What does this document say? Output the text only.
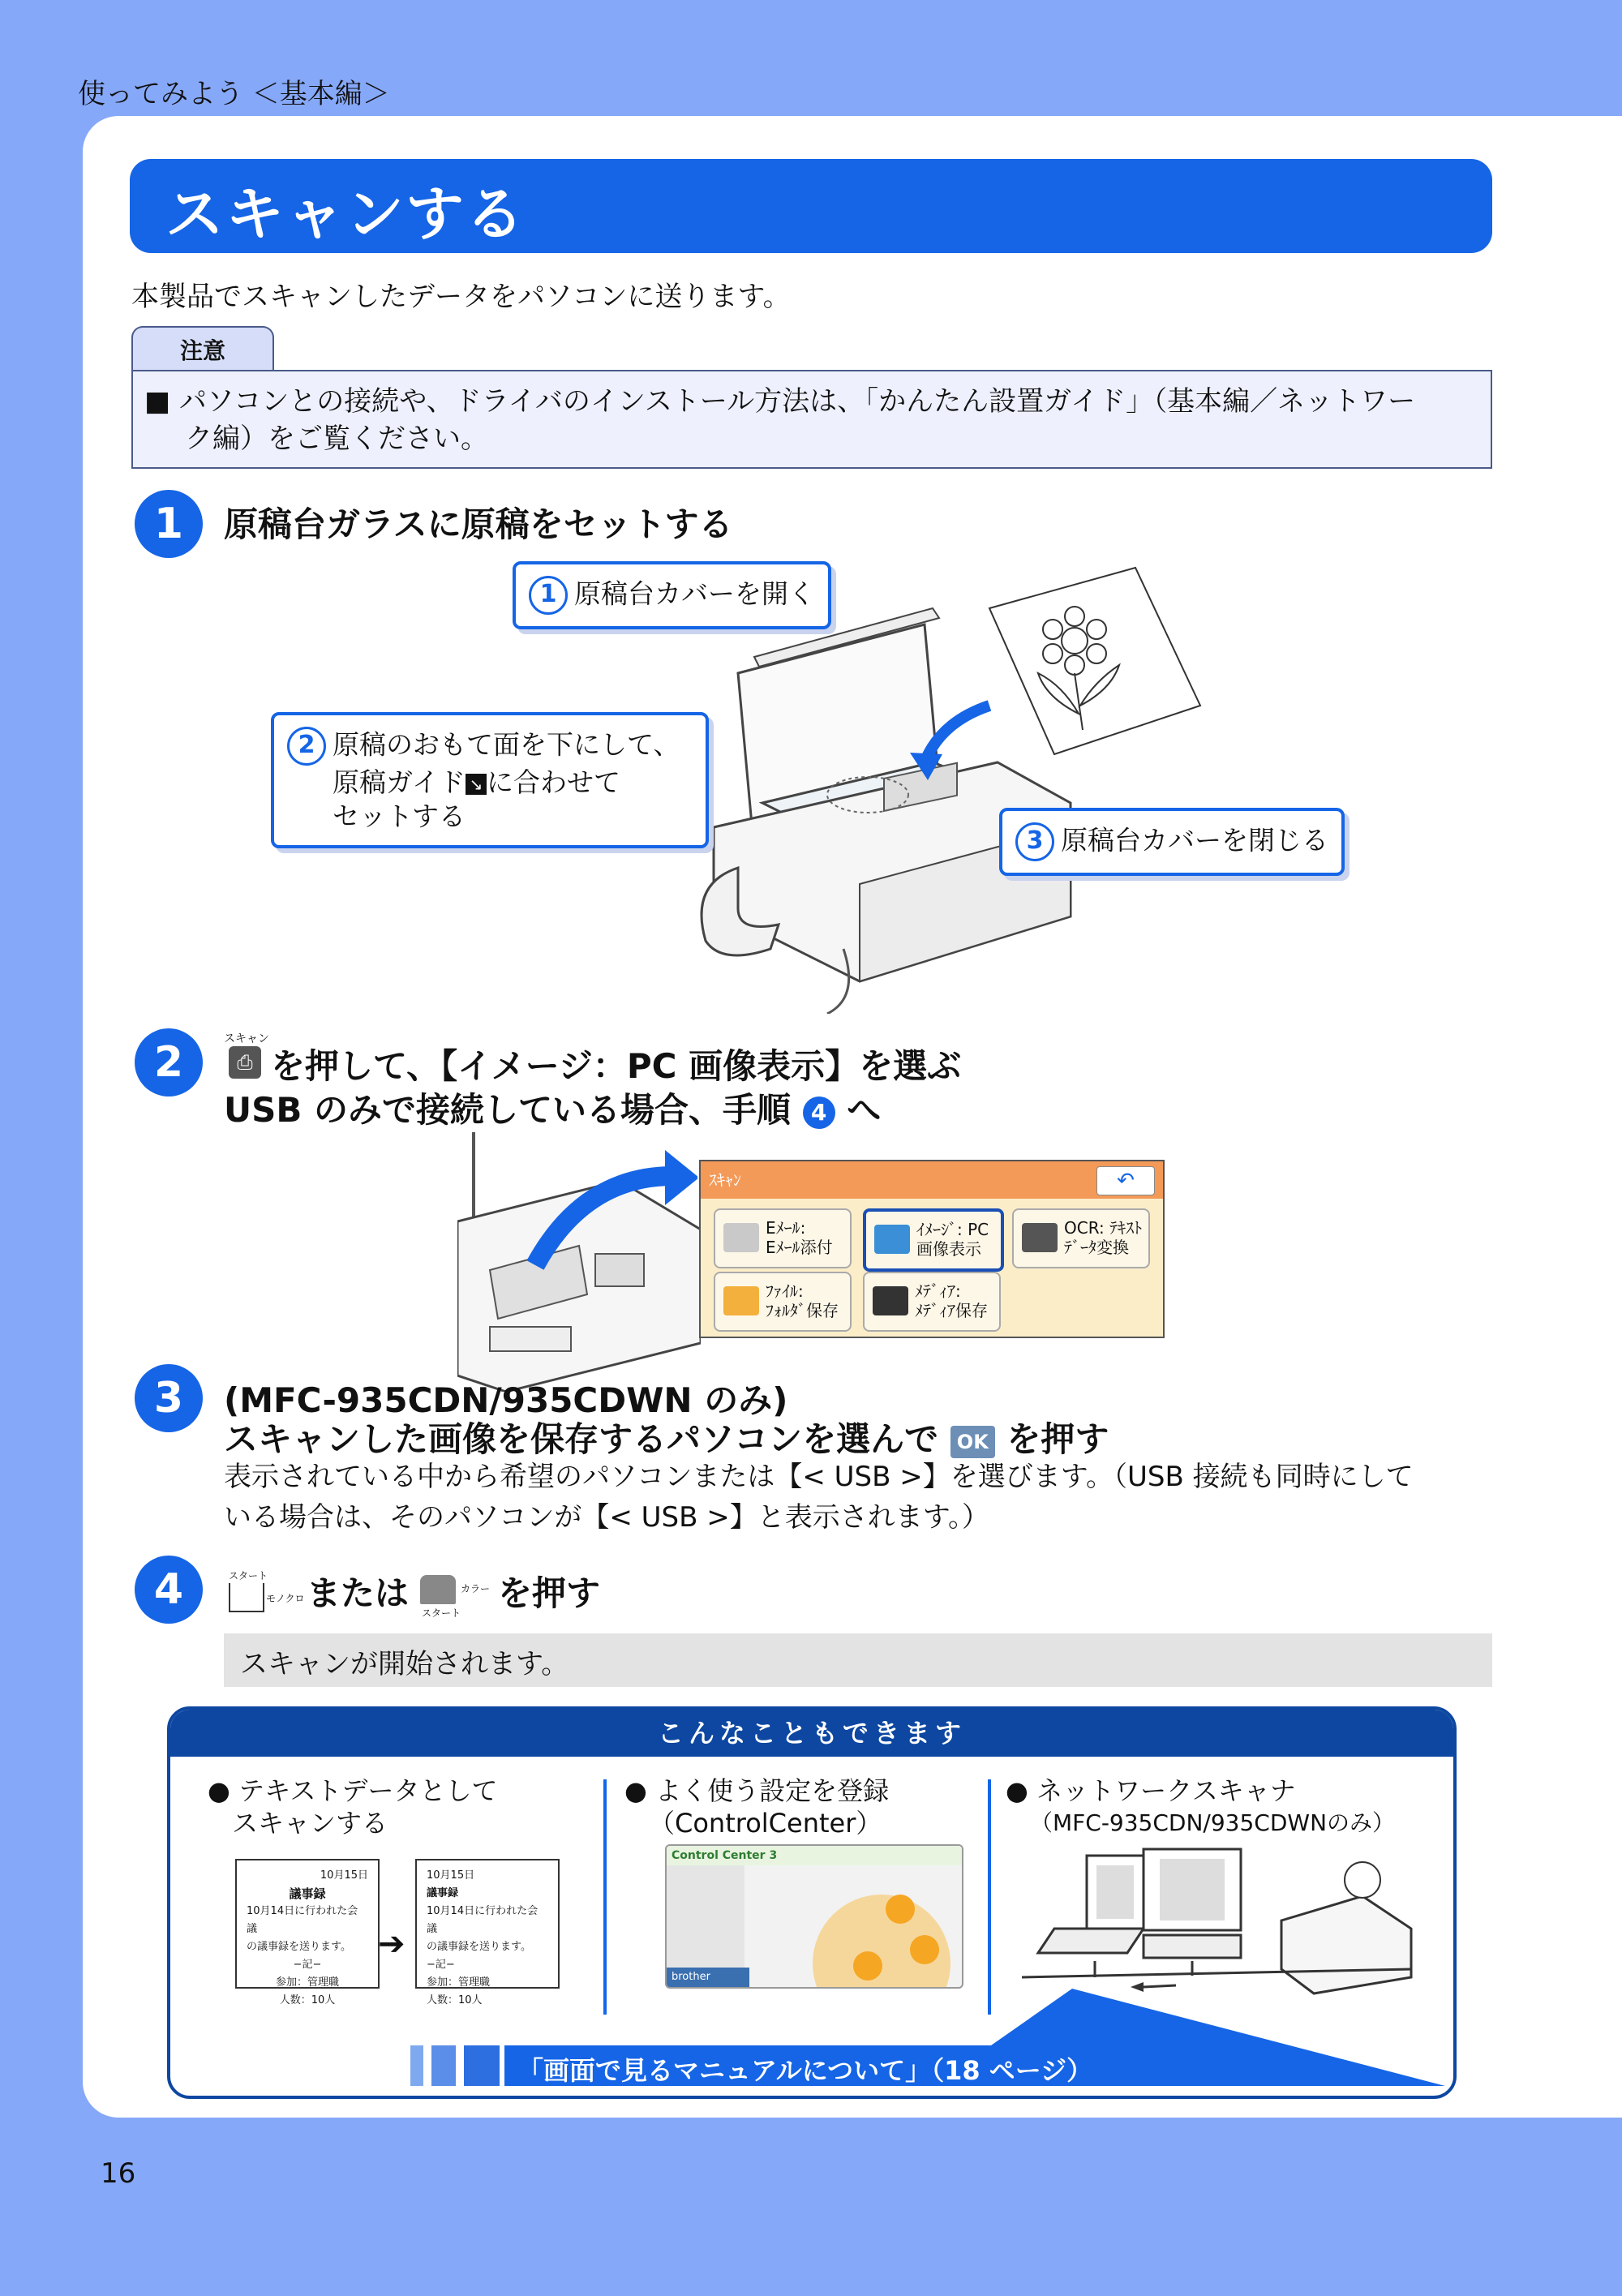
使ってみよう ＜基本編＞
スキャンする
本製品でスキャンしたデータをパソコンに送ります。
注意
■ パソコンとの接続や、ドライバのインストール方法は、「かんたん設置ガイド」（基本編／ネットワー
ク編）をご覧ください。
1	原稿台ガラスに原稿をセットする
1 原稿台カバーを開く
2 原稿のおもて面を下にして、
原稿ガイド ↘ に合わせて
セットする
3 原稿台カバーを閉じる
2	スキャン
⎙ を押して、【イメージ：PC 画像表示】を選ぶ
USB のみで接続している場合、手順 4 へ
ｽｷｬﾝ	↶
Eﾒｰﾙ:
Eﾒｰﾙ添付
ｲﾒｰｼﾞ: PC
画像表示
OCR: ﾃｷｽﾄ
ﾃﾞｰﾀ変換
ﾌｧｲﾙ:
ﾌｫﾙﾀﾞ保存
ﾒﾃﾞｨｱ:
ﾒﾃﾞｨｱ保存
3	(MFC-935CDN/935CDWN のみ)
スキャンした画像を保存するパソコンを選んで OK を押す
表示されている中から希望のパソコンまたは【< USB >】を選びます。（USB 接続も同時にして
いる場合は、そのパソコンが【< USB >】と表示されます。）
4	スタート
モノクロ または	カラー
スタート を押す
スキャンが開始されます。
こんなこともできます
● テキストデータとして
スキャンする
10月15日
議事録
10月14日に行われた会議
の議事録を送ります。
−記−
参加：管理職
人数：10人
➔
10月15日
議事録
10月14日に行われた会議
の議事録を送ります。
−記−
参加：管理職
人数：10人
● よく使う設定を登録
（ControlCenter）
Control Center 3
brother
● ネットワークスキャナ
（MFC-935CDN/935CDWNのみ）
「画面で見るマニュアルについて」（18 ページ）
16
